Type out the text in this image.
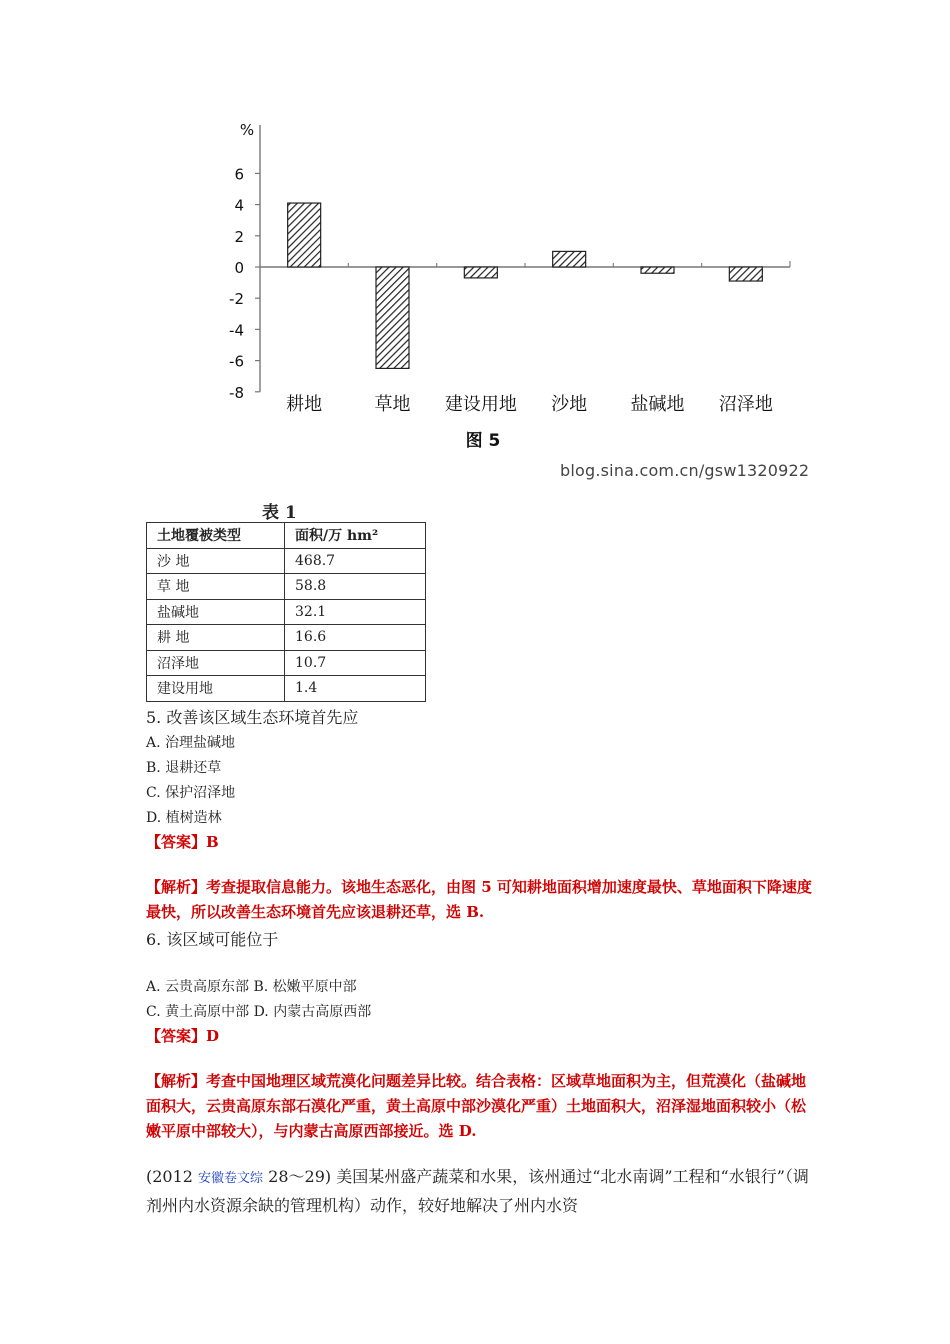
%
6
4
2
0
-2
-4
-6
-8
耕地	草地 建设用地 沙地 盐碱地 沼泽地
图 5
blog.sina.com.cn/gsw1320922
表 1
土地覆被类型	面积/万 hm²
沙 地	468.7
草 地	58.8
盐碱地	32.1
耕 地	16.6
沼泽地	10.7
建设用地	1.4
5. 改善该区域生态环境首先应
A. 治理盐碱地
B. 退耕还草
C. 保护沼泽地
D. 植树造林
【答案】B
【解析】考查提取信息能力。该地生态恶化，由图 5 可知耕地面积增加速度最快、草地面积下降速度最快，所以改善生态环境首先应该退耕还草，选 B.
6. 该区域可能位于
A. 云贵高原东部 B. 松嫩平原中部
C. 黄土高原中部 D. 内蒙古高原西部
【答案】D
【解析】考查中国地理区域荒漠化问题差异比较。结合表格：区域草地面积为主，但荒漠化（盐碱地面积大，云贵高原东部石漠化严重，黄土高原中部沙漠化严重）土地面积大，沼泽湿地面积较小（松嫩平原中部较大），与内蒙古高原西部接近。选 D.
(2012 安徽卷文综 28～29) 美国某州盛产蔬菜和水果，该州通过“北水南调”工程和“水银行”（调剂州内水资源余缺的管理机构）动作，较好地解决了州内水资
